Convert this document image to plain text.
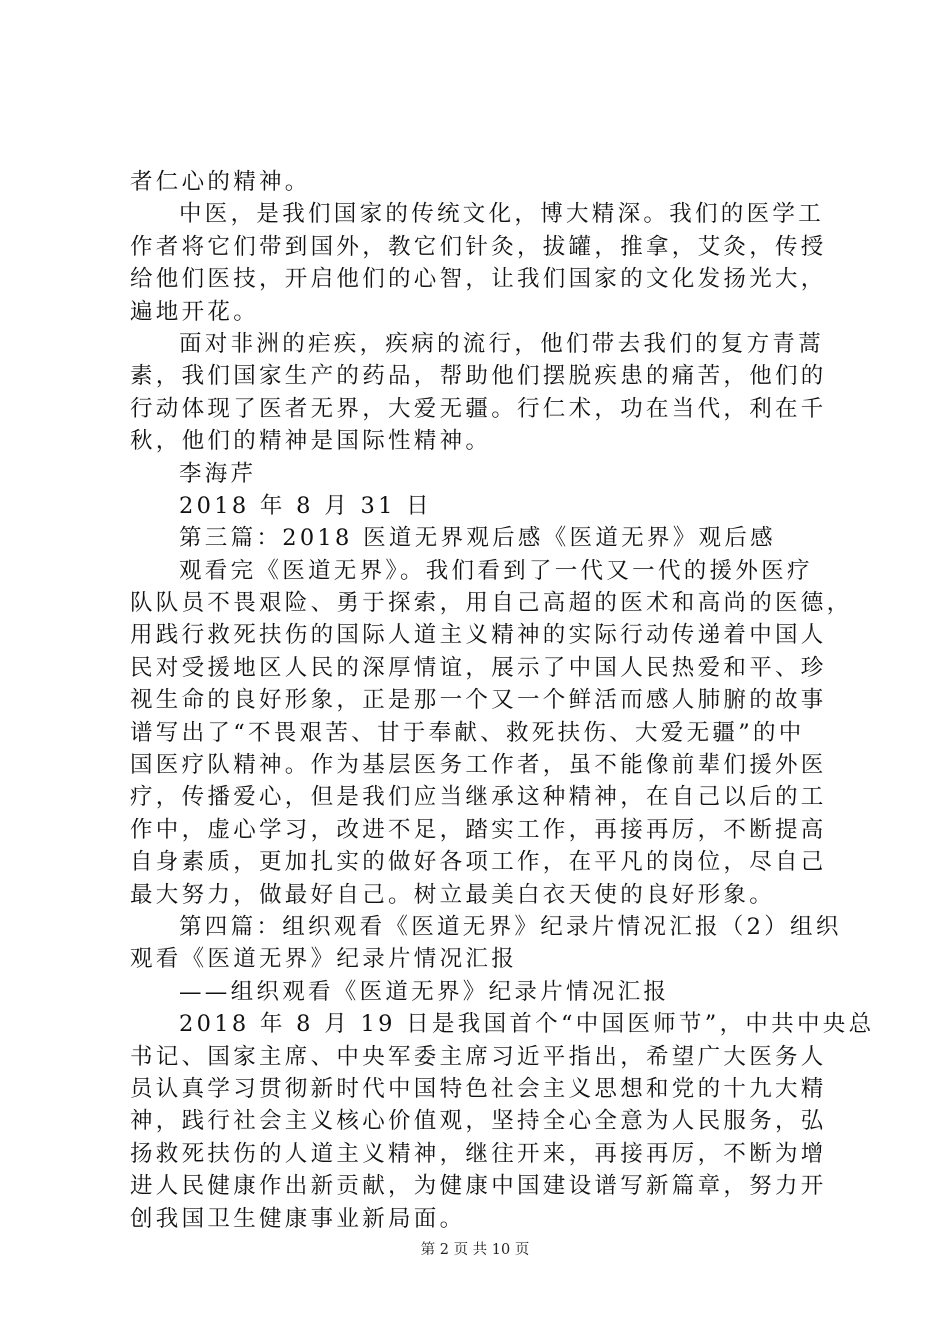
者仁心的精神。
中医，是我们国家的传统文化，博大精深。我们的医学工
作者将它们带到国外，教它们针灸，拔罐，推拿，艾灸，传授
给他们医技，开启他们的心智，让我们国家的文化发扬光大，
遍地开花。
面对非洲的疟疾，疾病的流行，他们带去我们的复方青蒿
素，我们国家生产的药品，帮助他们摆脱疾患的痛苦，他们的
行动体现了医者无界，大爱无疆。行仁术，功在当代，利在千
秋，他们的精神是国际性精神。
李海芹
2018 年 8 月 31 日
第三篇：2018 医道无界观后感《医道无界》观后感
观看完《医道无界》。我们看到了一代又一代的援外医疗
队队员不畏艰险、勇于探索，用自己高超的医术和高尚的医德，
用践行救死扶伤的国际人道主义精神的实际行动传递着中国人
民对受援地区人民的深厚情谊，展示了中国人民热爱和平、珍
视生命的良好形象，正是那一个又一个鲜活而感人肺腑的故事
谱写出了“不畏艰苦、甘于奉献、救死扶伤、大爱无疆”的中
国医疗队精神。作为基层医务工作者，虽不能像前辈们援外医
疗，传播爱心，但是我们应当继承这种精神，在自己以后的工
作中，虚心学习，改进不足，踏实工作，再接再厉，不断提高
自身素质，更加扎实的做好各项工作，在平凡的岗位，尽自己
最大努力，做最好自己。树立最美白衣天使的良好形象。
第四篇：组织观看《医道无界》纪录片情况汇报（2）组织
观看《医道无界》纪录片情况汇报
——组织观看《医道无界》纪录片情况汇报
2018 年 8 月 19 日是我国首个“中国医师节”，中共中央总
书记、国家主席、中央军委主席习近平指出，希望广大医务人
员认真学习贯彻新时代中国特色社会主义思想和党的十九大精
神，践行社会主义核心价值观，坚持全心全意为人民服务，弘
扬救死扶伤的人道主义精神，继往开来，再接再厉，不断为增
进人民健康作出新贡献，为健康中国建设谱写新篇章，努力开
创我国卫生健康事业新局面。
第 2 页 共 10 页
